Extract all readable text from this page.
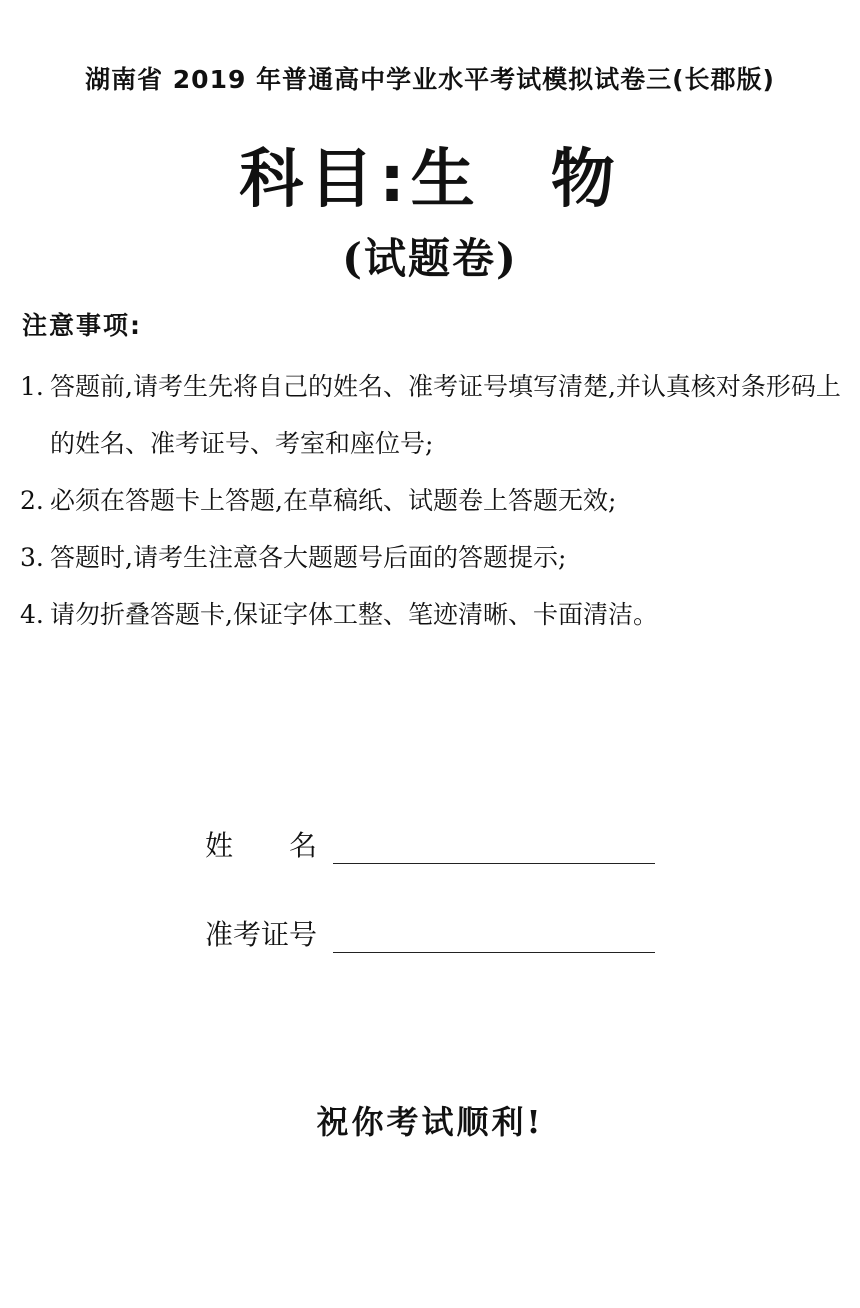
湖南省 2019 年普通高中学业水平考试模拟试卷三(长郡版)
科目:生　物
(试题卷)
注意事项:
1. 答题前,请考生先将自己的姓名、准考证号填写清楚,并认真核对条形码上的姓名、准考证号、考室和座位号;
2. 必须在答题卡上答题,在草稿纸、试题卷上答题无效;
3. 答题时,请考生注意各大题题号后面的答题提示;
4. 请勿折叠答题卡,保证字体工整、笔迹清晰、卡面清洁。
姓　　名
准考证号
祝你考试顺利!
